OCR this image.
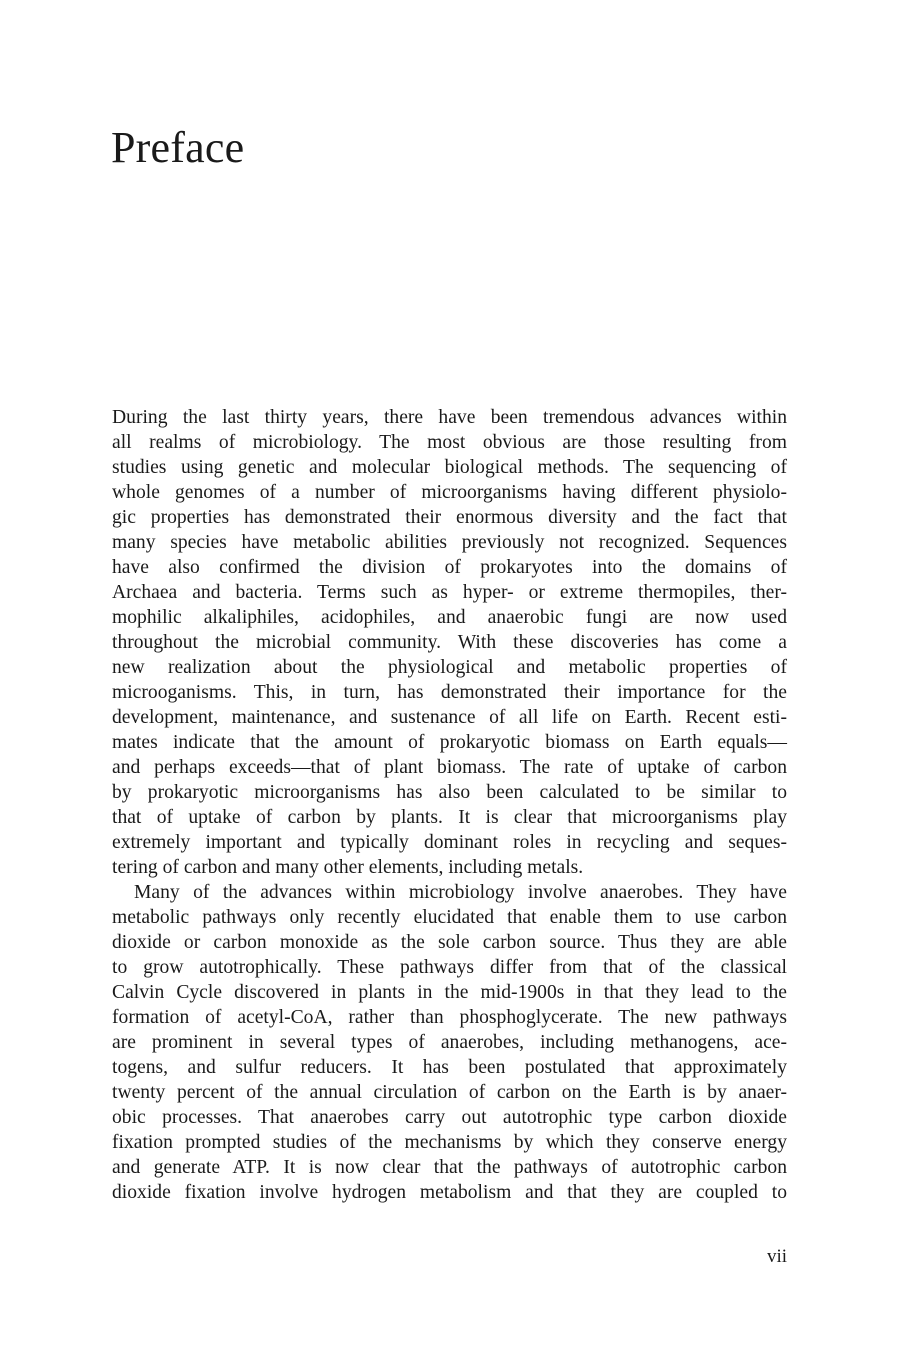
Preface
During the last thirty years, there have been tremendous advances within
all realms of microbiology. The most obvious are those resulting from
studies using genetic and molecular biological methods. The sequencing of
whole genomes of a number of microorganisms having different physiolo-
gic properties has demonstrated their enormous diversity and the fact that
many species have metabolic abilities previously not recognized. Sequences
have also confirmed the division of prokaryotes into the domains of
Archaea and bacteria. Terms such as hyper- or extreme thermopiles, ther-
mophilic alkaliphiles, acidophiles, and anaerobic fungi are now used
throughout the microbial community. With these discoveries has come a
new realization about the physiological and metabolic properties of
microoganisms. This, in turn, has demonstrated their importance for the
development, maintenance, and sustenance of all life on Earth. Recent esti-
mates indicate that the amount of prokaryotic biomass on Earth equals—
and perhaps exceeds—that of plant biomass. The rate of uptake of carbon
by prokaryotic microorganisms has also been calculated to be similar to
that of uptake of carbon by plants. It is clear that microorganisms play
extremely important and typically dominant roles in recycling and seques-
tering of carbon and many other elements, including metals.
Many of the advances within microbiology involve anaerobes. They have
metabolic pathways only recently elucidated that enable them to use carbon
dioxide or carbon monoxide as the sole carbon source. Thus they are able
to grow autotrophically. These pathways differ from that of the classical
Calvin Cycle discovered in plants in the mid-1900s in that they lead to the
formation of acetyl-CoA, rather than phosphoglycerate. The new pathways
are prominent in several types of anaerobes, including methanogens, ace-
togens, and sulfur reducers. It has been postulated that approximately
twenty percent of the annual circulation of carbon on the Earth is by anaer-
obic processes. That anaerobes carry out autotrophic type carbon dioxide
fixation prompted studies of the mechanisms by which they conserve energy
and generate ATP. It is now clear that the pathways of autotrophic carbon
dioxide fixation involve hydrogen metabolism and that they are coupled to
vii
